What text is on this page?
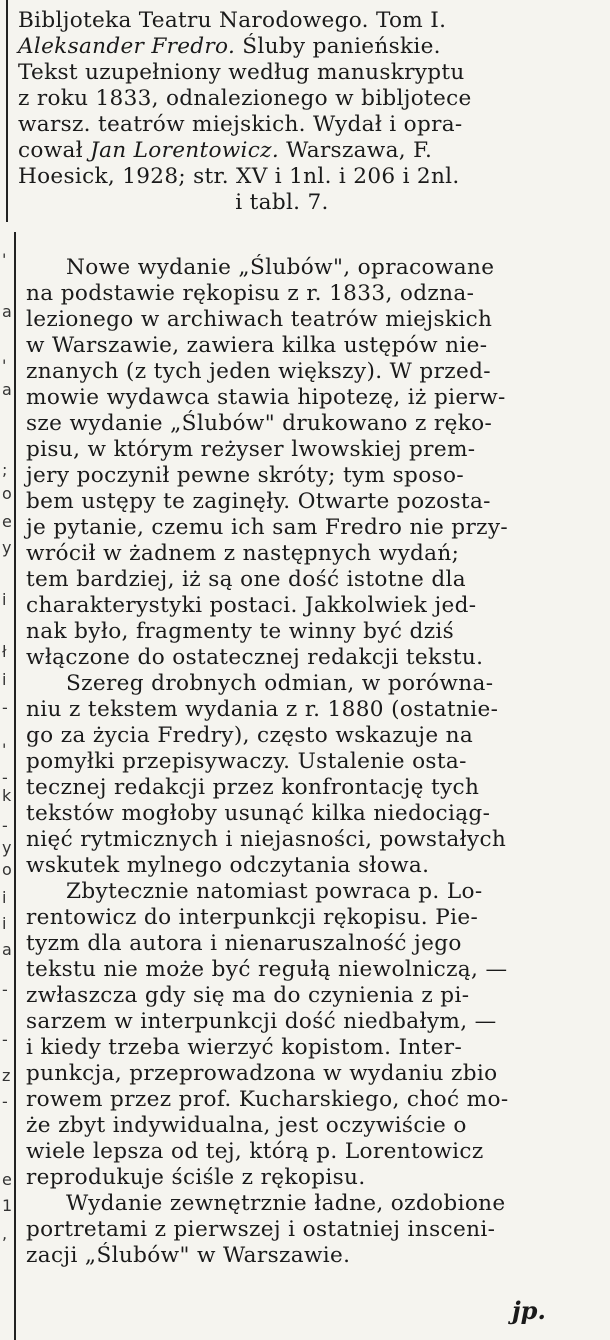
'
a
'
a
;
o
e
y
i
ł
i
-
'
-
k
-
y
o
i
i
a
-
-
z
-
e
1
,
Bibljoteka Teatru Narodowego. Tom I.
Aleksander Fredro. Śluby panieńskie.
Tekst uzupełniony według manuskryptu
z roku 1833, odnalezionego w bibljotece
warsz. teatrów miejskich. Wydał i opra-
cował Jan Lorentowicz. Warszawa, F.
Hoesick, 1928; str. XV i 1nl. i 206 i 2nl.
i tabl. 7.
Nowe wydanie „Ślubów", opracowane
na podstawie rękopisu z r. 1833, odzna-
lezione⁠go w archiwach teatrów miejskich
w Warszawie, zawiera kilka ustępów nie-
znanych (z tych jeden większy). W przed-
mowie wydawca stawia hipotezę, iż pierw-
sze wydanie „Ślubów" drukowano z ręko-
pisu, w którym reżyser lwowskiej prem-
jery poczynił pewne skróty; tym sposo-
bem ustępy te zaginęły. Otwarte pozosta-
je pytanie, czemu ich sam Fredro nie przy-
wrócił w żadnem z następnych wydań;
tem bardziej, iż są one dość istotne dla
charakterystyki postaci. Jakkolwiek jed-
nak było, fragmenty te winny być dziś
włączone do ostatecznej redakcji tekstu.
Szereg drobnych odmian, w porównа-
niu z tekstem wydania z r. 1880 (ostatnie-
go za życia Fredry), często wskazuje na
pomyłki przepisywaczy. Ustalenie osta-
tecznej redakcji przez konfrontację tych
tekstów mogłoby usunąć kilka niedociąg-
nięć rytmicznych i niejasności, powstałych
wskutek mylnego odczytania słowa.
Zbytecznie natomiast powraca p. Lo-
rentowicz do interpunkcji rękopisu. Pie-
tyzm dla autora i nienaruszalność jego
tekstu nie może być regułą niewolniczą, —
zwłaszcza gdy się ma do czynienia z pi-
sarzem w interpunkcji dość niedbałym, —
i kiedy trzeba wierzyć kopistom. Inter-
punkcja, przeprowadzona w wydaniu zbio
rowem przez prof. Kucharskiego, choć mo-
że zbyt indywidualna, jest oczywiście o
wiele lepsza od tej, którą p. Lorentowicz
reprodukuje ściśle z rękopisu.
Wydanie zewnętrznie ładne, ozdobione
portretami z pierwszej i ostatniej insceni-
zacji „Ślubów" w Warszawie.
jp.
